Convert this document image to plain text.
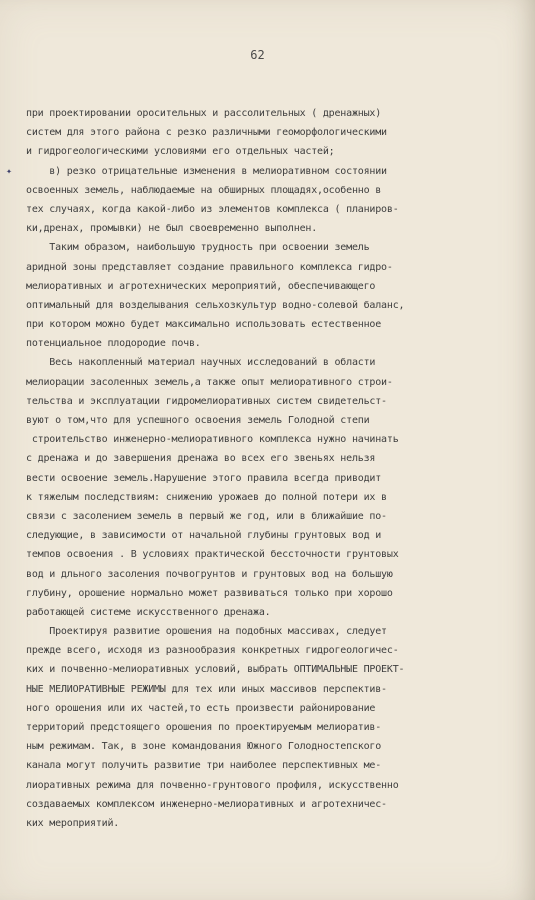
62
✦
при проектировании оросительных и рассолительных ( дренажных)
систем для этого района с резко различными геоморфологическими
и гидрогеологическими условиями его отдельных частей;
в) резко отрицательные изменения в мелиоративном состоянии
освоенных земель, наблюдаемые на обширных площадях,особенно в
тех случаях, когда какой-либо из элементов комплекса ( планиров-
ки,дренах, промывки) не был своевременно выполнен.
Таким образом, наибольшую трудность при освоении земель
аридной зоны представляет создание правильного комплекса гидро-
мелиоративных и агротехнических мероприятий, обеспечивающего
оптимальный для возделывания сельхозкультур водно-солевой баланс,
при котором можно будет максимально использовать естественное
потенциальное плодородие почв.
Весь накопленный материал научных исследований в области
мелиорации засоленных земель,а также опыт мелиоративного строи-
тельства и эксплуатации гидромелиоративных систем свидетельст-
вуют о том,что для успешного освоения земель Голодной степи
строительство инженерно-мелиоративного комплекса нужно начинать
с дренажа и до завершения дренажа во всех его звеньях нельзя
вести освоение земель.Нарушение этого правила всегда приводит
к тяжелым последствиям: снижению урожаев до полной потери их в
связи с засолением земель в первый же год, или в ближайшие по-
следующие, в зависимости от начальной глубины грунтовых вод и
темпов освоения . В условиях практической бессточности грунтовых
вод и дльного засоления почвогрунтов и грунтовых вод на большую
глубину, орошение нормально может развиваться только при хорошо
работающей системе искусственного дренажа.
Проектируя развитие орошения на подобных массивах, следует
прежде всего, исходя из разнообразия конкретных гидрогеологичес-
ких и почвенно-мелиоративных условий, выбрать ОПТИМАЛЬНЫЕ ПРОЕКТ-
НЫЕ МЕЛИОРАТИВНЫЕ РЕЖИМЫ для тех или иных массивов перспектив-
ного орошения или их частей,то есть произвести районирование
территорий предстоящего орошения по проектируемым мелиоратив-
ным режимам. Так, в зоне командования Южного Голодностепского
канала могут получить развитие три наиболее перспективных ме-
лиоративных режима для почвенно-грунтового профиля, искусственно
создаваемых комплексом инженерно-мелиоративных и агротехничес-
ких мероприятий.
